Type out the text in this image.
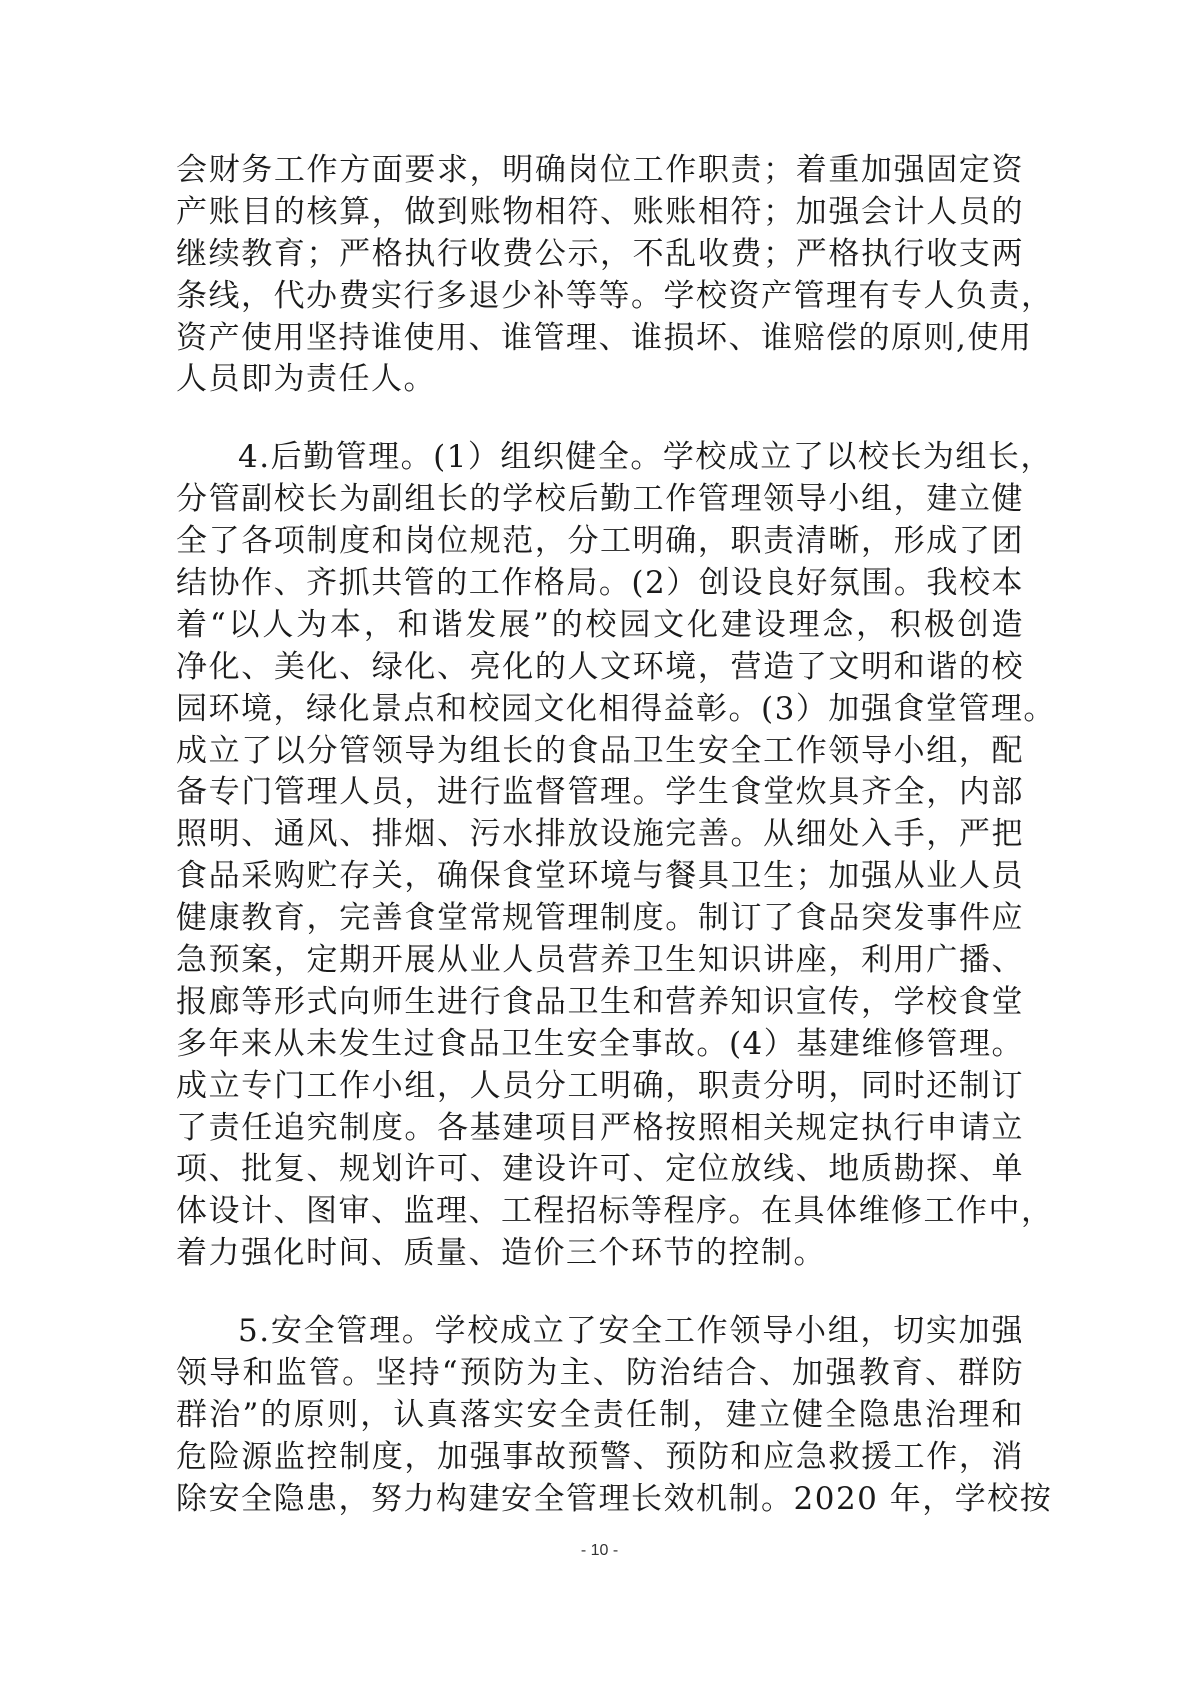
会财务工作方面要求，明确岗位工作职责；着重加强固定资
产账目的核算，做到账物相符、账账相符；加强会计人员的
继续教育；严格执行收费公示，不乱收费；严格执行收支两
条线，代办费实行多退少补等等。学校资产管理有专人负责，
资产使用坚持谁使用、谁管理、谁损坏、谁赔偿的原则,使用
人员即为责任人。
4.后勤管理。(1）组织健全。学校成立了以校长为组长，
分管副校长为副组长的学校后勤工作管理领导小组，建立健
全了各项制度和岗位规范，分工明确，职责清晰，形成了团
结协作、齐抓共管的工作格局。(2）创设良好氛围。我校本
着“以人为本，和谐发展”的校园文化建设理念，积极创造
净化、美化、绿化、亮化的人文环境，营造了文明和谐的校
园环境，绿化景点和校园文化相得益彰。(3）加强食堂管理。
成立了以分管领导为组长的食品卫生安全工作领导小组，配
备专门管理人员，进行监督管理。学生食堂炊具齐全，内部
照明、通风、排烟、污水排放设施完善。从细处入手，严把
食品采购贮存关，确保食堂环境与餐具卫生；加强从业人员
健康教育，完善食堂常规管理制度。制订了食品突发事件应
急预案，定期开展从业人员营养卫生知识讲座，利用广播、
报廊等形式向师生进行食品卫生和营养知识宣传，学校食堂
多年来从未发生过食品卫生安全事故。(4）基建维修管理。
成立专门工作小组，人员分工明确，职责分明，同时还制订
了责任追究制度。各基建项目严格按照相关规定执行申请立
项、批复、规划许可、建设许可、定位放线、地质勘探、单
体设计、图审、监理、工程招标等程序。在具体维修工作中，
着力强化时间、质量、造价三个环节的控制。
5.安全管理。学校成立了安全工作领导小组，切实加强
领导和监管。坚持“预防为主、防治结合、加强教育、群防
群治”的原则，认真落实安全责任制，建立健全隐患治理和
危险源监控制度，加强事故预警、预防和应急救援工作，消
除安全隐患，努力构建安全管理长效机制。2020 年，学校按
- 10 -
